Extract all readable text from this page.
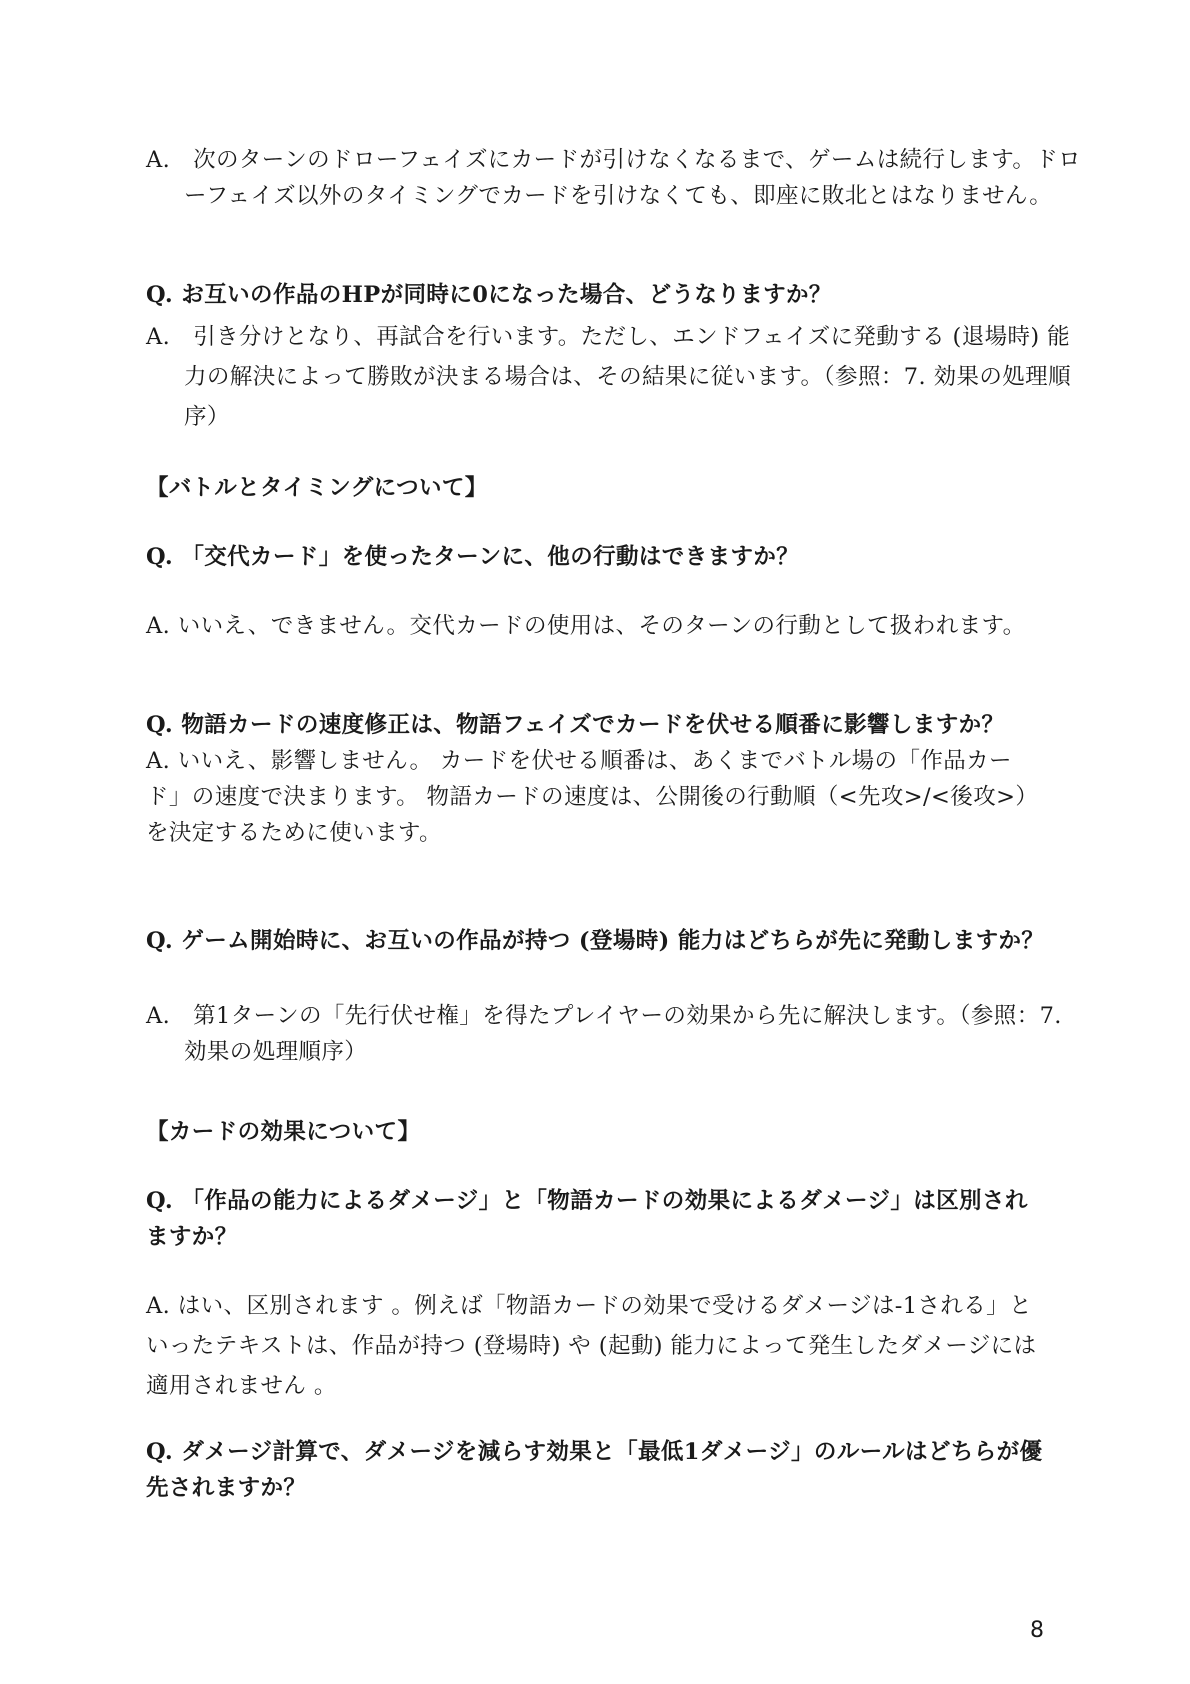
A.　次のターンのドローフェイズにカードが引けなくなるまで、ゲームは続行します。ドローフェイズ以外のタイミングでカードを引けなくても、即座に敗北とはなりません。
Q. お互いの作品のHPが同時に0になった場合、どうなりますか？
A.　引き分けとなり、再試合を行います。ただし、エンドフェイズに発動する (退場時) 能力の解決によって勝敗が決まる場合は、その結果に従います。（参照：7. 効果の処理順序）
【バトルとタイミングについて】
Q. 「交代カード」を使ったターンに、他の行動はできますか？
A. いいえ、できません。交代カードの使用は、そのターンの行動として扱われます。
Q. 物語カードの速度修正は、物語フェイズでカードを伏せる順番に影響しますか？
A. いいえ、影響しません。 カードを伏せる順番は、あくまでバトル場の「作品カード」の速度で決まります。 物語カードの速度は、公開後の行動順（<先攻>/<後攻>）を決定するために使います。
Q. ゲーム開始時に、お互いの作品が持つ (登場時) 能力はどちらが先に発動しますか？
A.　第1ターンの「先行伏せ権」を得たプレイヤーの効果から先に解決します。（参照：7. 効果の処理順序）
【カードの効果について】
Q. 「作品の能力によるダメージ」と「物語カードの効果によるダメージ」は区別されますか？
A. はい、区別されます 。例えば「物語カードの効果で受けるダメージは-1される」といったテキストは、作品が持つ (登場時) や (起動) 能力によって発生したダメージには適用されません 。
Q. ダメージ計算で、ダメージを減らす効果と「最低1ダメージ」のルールはどちらが優先されますか？
8
